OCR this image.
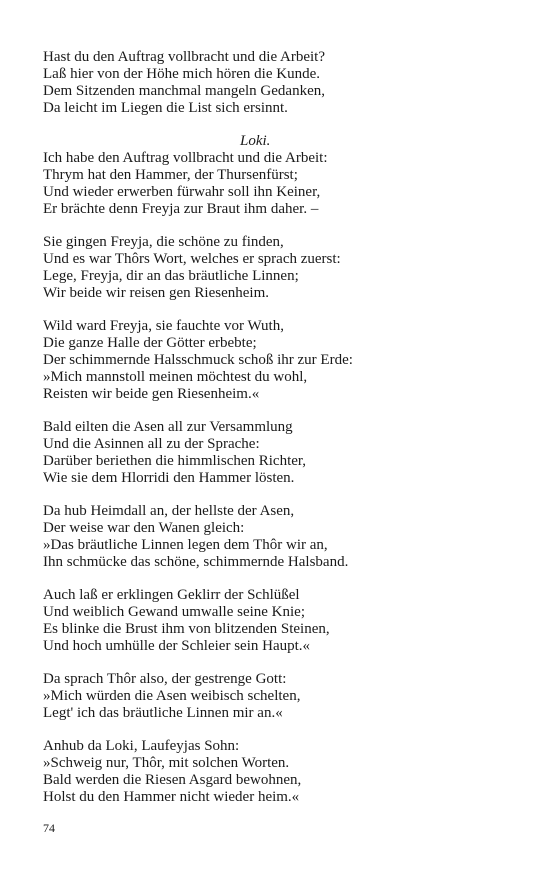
Hast du den Auftrag vollbracht und die Arbeit?
Laß hier von der Höhe mich hören die Kunde.
Dem Sitzenden manchmal mangeln Gedanken,
Da leicht im Liegen die List sich ersinnt.
Loki.
Ich habe den Auftrag vollbracht und die Arbeit:
Thrym hat den Hammer, der Thursenfürst;
Und wieder erwerben fürwahr soll ihn Keiner,
Er brächte denn Freyja zur Braut ihm daher. –
Sie gingen Freyja, die schöne zu finden,
Und es war Thôrs Wort, welches er sprach zuerst:
Lege, Freyja, dir an das bräutliche Linnen;
Wir beide wir reisen gen Riesenheim.
Wild ward Freyja, sie fauchte vor Wuth,
Die ganze Halle der Götter erbebte;
Der schimmernde Halsschmuck schoß ihr zur Erde:
»Mich mannstoll meinen möchtest du wohl,
Reisten wir beide gen Riesenheim.«
Bald eilten die Asen all zur Versammlung
Und die Asinnen all zu der Sprache:
Darüber beriethen die himmlischen Richter,
Wie sie dem Hlorridi den Hammer lösten.
Da hub Heimdall an, der hellste der Asen,
Der weise war den Wanen gleich:
»Das bräutliche Linnen legen dem Thôr wir an,
Ihn schmücke das schöne, schimmernde Halsband.
Auch laß er erklingen Geklirr der Schlüßel
Und weiblich Gewand umwalle seine Knie;
Es blinke die Brust ihm von blitzenden Steinen,
Und hoch umhülle der Schleier sein Haupt.«
Da sprach Thôr also, der gestrenge Gott:
»Mich würden die Asen weibisch schelten,
Legt' ich das bräutliche Linnen mir an.«
Anhub da Loki, Laufeyjas Sohn:
»Schweig nur, Thôr, mit solchen Worten.
Bald werden die Riesen Asgard bewohnen,
Holst du den Hammer nicht wieder heim.«
74
